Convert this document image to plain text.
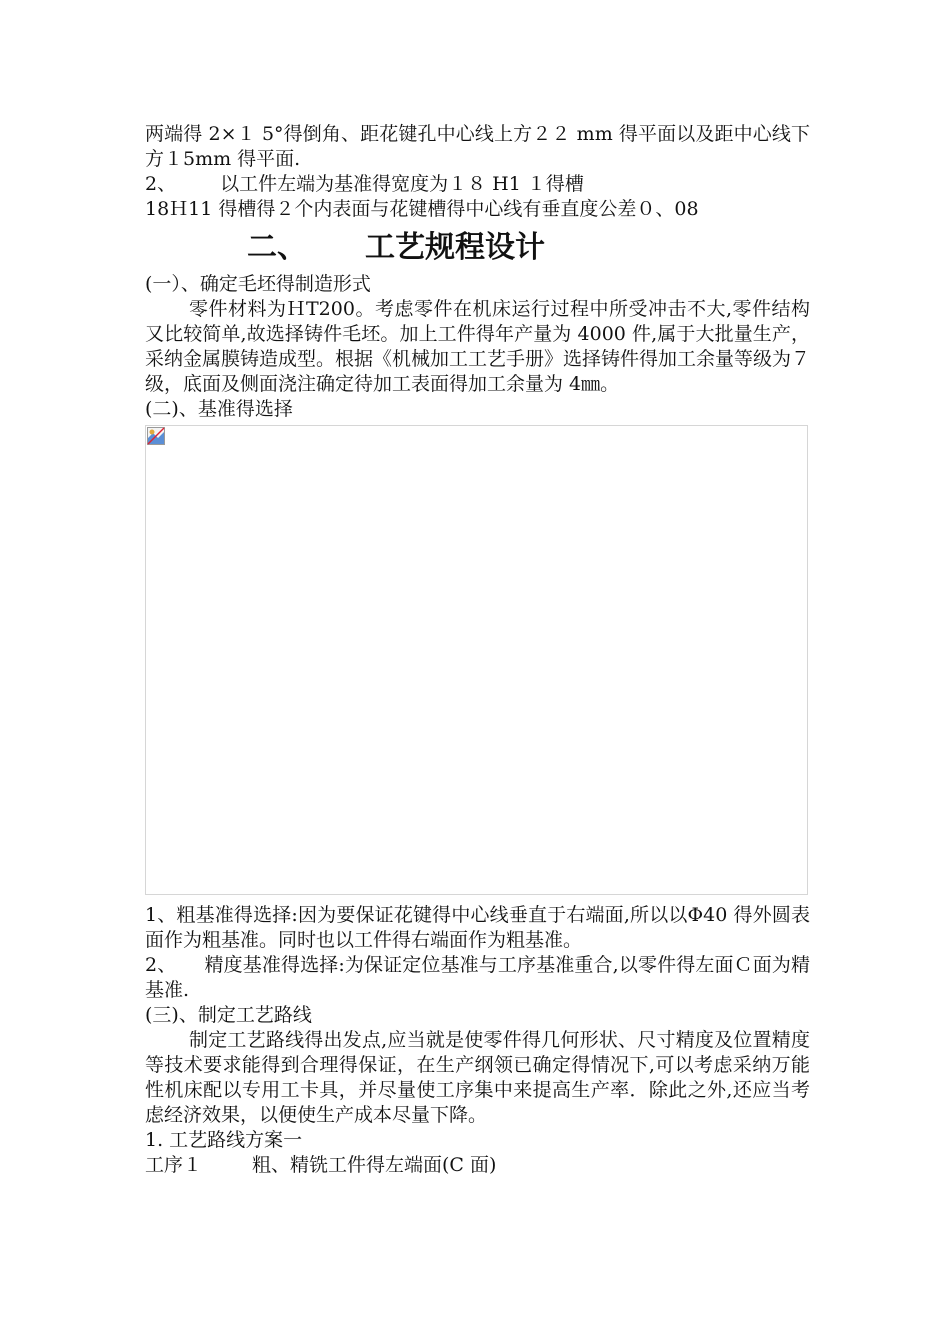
两端得 2×１ 5°得倒角、距花键孔中心线上方２２ mm 得平面以及距中心线下方１5mm 得平面.

2、 以工件左端为基准得宽度为１８ H1 １得槽

18Ｈ11 得槽得２个内表面与花键槽得中心线有垂直度公差０、08

二、 工艺规程设计

(一）、确定毛坯得制造形式

零件材料为ＨT200。考虑零件在机床运行过程中所受冲击不大,零件结构又比较简单,故选择铸件毛坯。加上工件得年产量为 4000 件,属于大批量生产，采纳金属膜铸造成型。根据《机械加工工艺手册》选择铸件得加工余量等级为７级，底面及侧面浇注确定待加工表面得加工余量为 4㎜。

(二)、基准得选择

1、粗基准得选择:因为要保证花键得中心线垂直于右端面,所以以Φ40 得外圆表面作为粗基准。同时也以工件得右端面作为粗基准。

2、 精度基准得选择:为保证定位基准与工序基准重合,以零件得左面Ｃ面为精基准.

(三)、制定工艺路线

制定工艺路线得出发点,应当就是使零件得几何形状、尺寸精度及位置精度等技术要求能得到合理得保证，在生产纲领已确定得情况下,可以考虑采纳万能性机床配以专用工卡具，并尽量使工序集中来提高生产率．除此之外,还应当考虑经济效果，以便使生产成本尽量下降。

1. 工艺路线方案一

工序１	粗、精铣工件得左端面(C 面)
